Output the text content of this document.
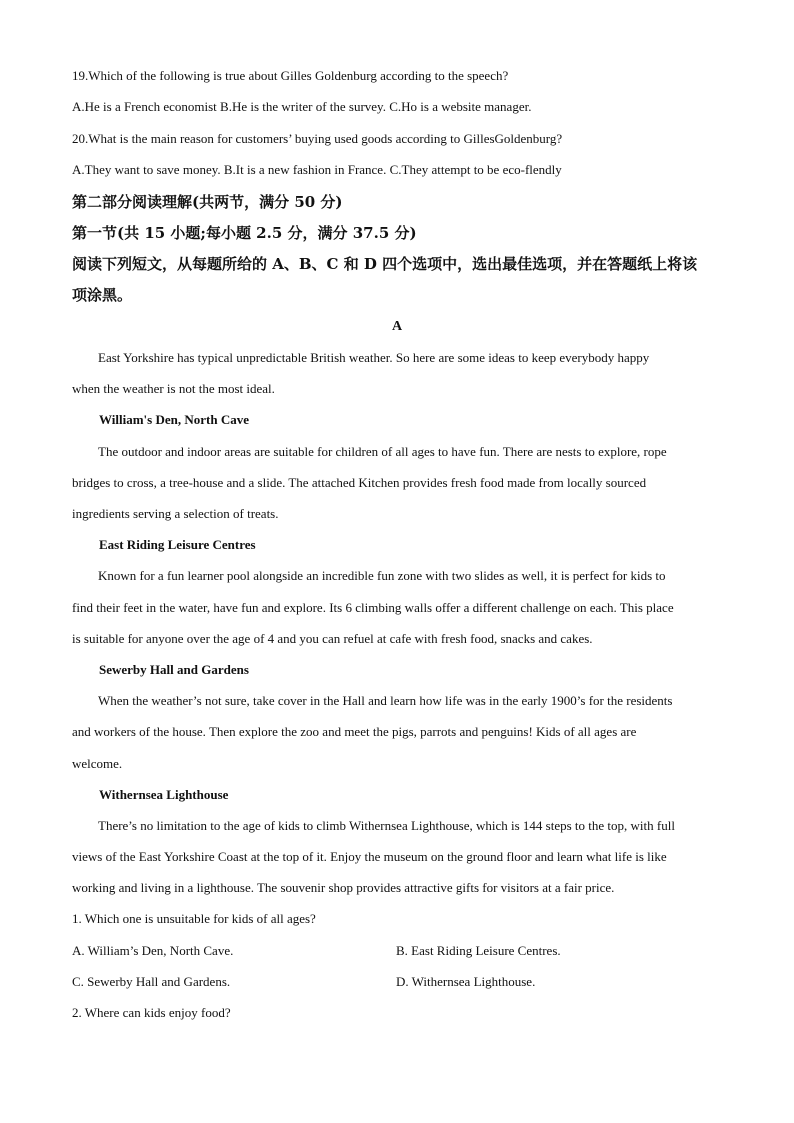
19.Which of the following is true about Gilles Goldenburg according to the speech?
A.He is a French economist B.He is the writer of the survey. C.Ho is a website manager.
20.What is the main reason for customers’ buying used goods according to GillesGoldenburg?
A.They want to save money. B.It is a new fashion in France. C.They attempt to be eco-flendly
第二部分阅读理解(共两节，满分 50 分)
第一节(共 15 小题;每小题 2.5 分，满分 37.5 分)
阅读下列短文，从每题所给的 A、B、C 和 D 四个选项中，选出最佳选项，并在答题纸上将该
项涂黑。
A
East Yorkshire has typical unpredictable British weather. So here are some ideas to keep everybody happy
when the weather is not the most ideal.
William's Den, North Cave
The outdoor and indoor areas are suitable for children of all ages to have fun. There are nests to explore, rope
bridges to cross, a tree-house and a slide. The attached Kitchen provides fresh food made from locally sourced
ingredients serving a selection of treats.
East Riding Leisure Centres
Known for a fun learner pool alongside an incredible fun zone with two slides as well, it is perfect for kids to
find their feet in the water, have fun and explore. Its 6 climbing walls offer a different challenge on each. This place
is suitable for anyone over the age of 4 and you can refuel at cafe with fresh food, snacks and cakes.
Sewerby Hall and Gardens
When the weather’s not sure, take cover in the Hall and learn how life was in the early 1900’s for the residents
and workers of the house. Then explore the zoo and meet the pigs, parrots and penguins! Kids of all ages are
welcome.
Withernsea Lighthouse
There’s no limitation to the age of kids to climb Withernsea Lighthouse, which is 144 steps to the top, with full
views of the East Yorkshire Coast at the top of it. Enjoy the museum on the ground floor and learn what life is like
working and living in a lighthouse. The souvenir shop provides attractive gifts for visitors at a fair price.
1. Which one is unsuitable for kids of all ages?
A. William’s Den, North Cave.	B. East Riding Leisure Centres.
C. Sewerby Hall and Gardens.	D. Withernsea Lighthouse.
2. Where can kids enjoy food?
